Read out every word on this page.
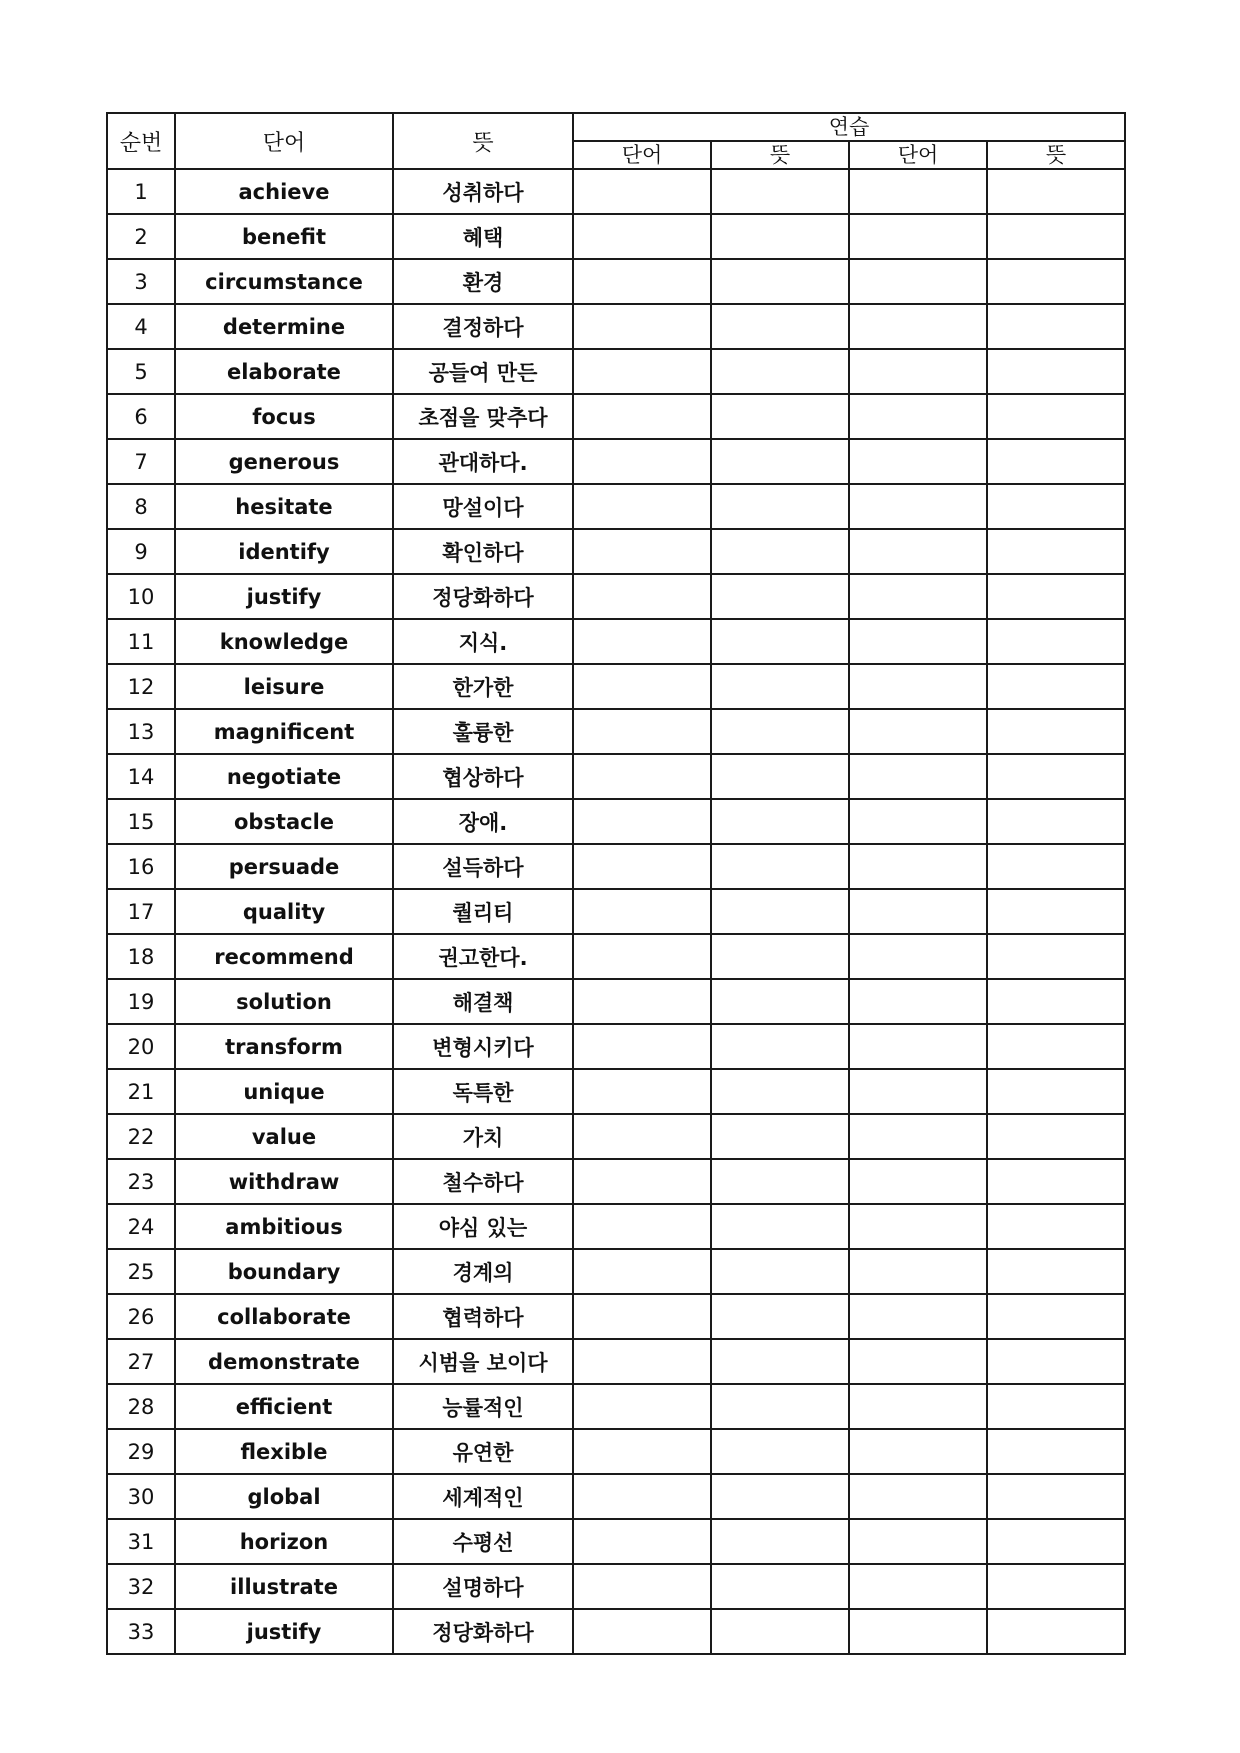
순번	단어	뜻	연습			
			단어	뜻	단어	뜻
1	achieve	성취하다				
2	benefit	혜택				
3	circumstance	환경				
4	determine	결정하다				
5	elaborate	공들여 만든				
6	focus	초점을 맞추다				
7	generous	관대하다.				
8	hesitate	망설이다				
9	identify	확인하다				
10	justify	정당화하다				
11	knowledge	지식.				
12	leisure	한가한				
13	magnificent	훌륭한				
14	negotiate	협상하다				
15	obstacle	장애.				
16	persuade	설득하다				
17	quality	퀄리티				
18	recommend	권고한다.				
19	solution	해결책				
20	transform	변형시키다				
21	unique	독특한				
22	value	가치				
23	withdraw	철수하다				
24	ambitious	야심 있는				
25	boundary	경계의				
26	collaborate	협력하다				
27	demonstrate	시범을 보이다				
28	efficient	능률적인				
29	flexible	유연한				
30	global	세계적인				
31	horizon	수평선				
32	illustrate	설명하다				
33	justify	정당화하다				
